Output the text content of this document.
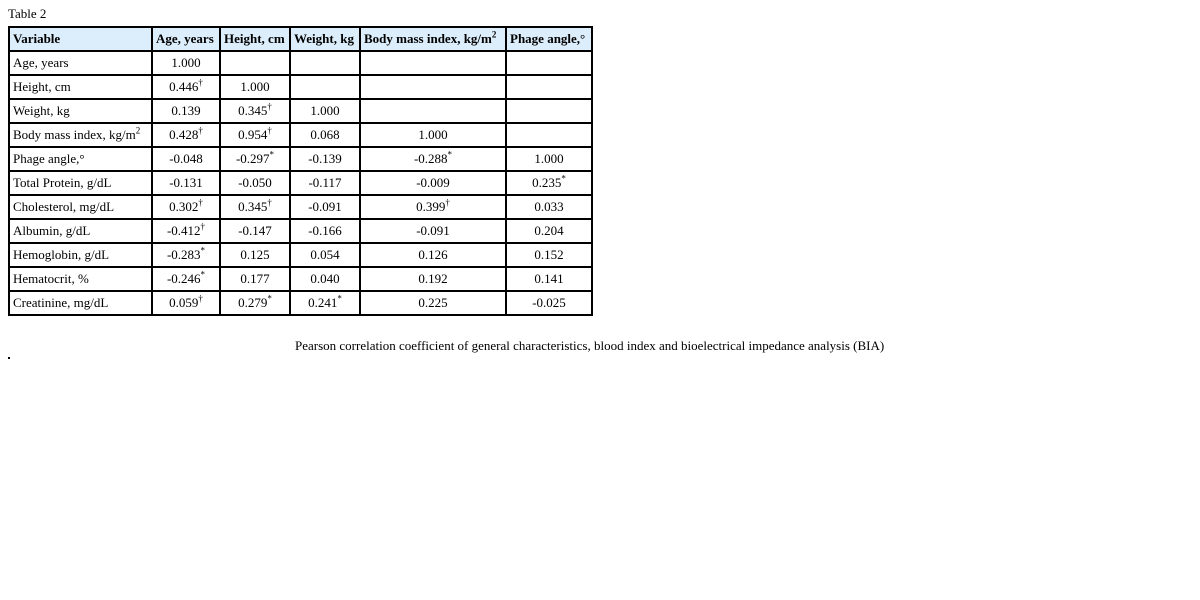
Table 2
Variable	Age, years	Height, cm	Weight, kg	Body mass index, $kg/m^2$	Phage angle,°
Age, years	1.000				
Height, cm	0.446†	1.000			
Weight, kg	0.139	0.345†	1.000		
Body mass index, $kg/m^2$	0.428†	0.954†	0.068	1.000	
Phage angle,°	-0.048	-0.297*	-0.139	-0.288*	1.000
Total Protein, g/dL	-0.131	-0.050	-0.117	-0.009	0.235*
Cholesterol, mg/dL	0.302†	0.345†	-0.091	0.399†	0.033
Albumin, g/dL	-0.412†	-0.147	-0.166	-0.091	0.204
Hemoglobin, g/dL	-0.283*	0.125	0.054	0.126	0.152
Hematocrit, %	-0.246*	0.177	0.040	0.192	0.141
Creatinine, mg/dL	0.059†	0.279*	0.241*	0.225	-0.025
Pearson correlation coefficient of general characteristics, blood index and bioelectrical impedance analysis (BIA)
